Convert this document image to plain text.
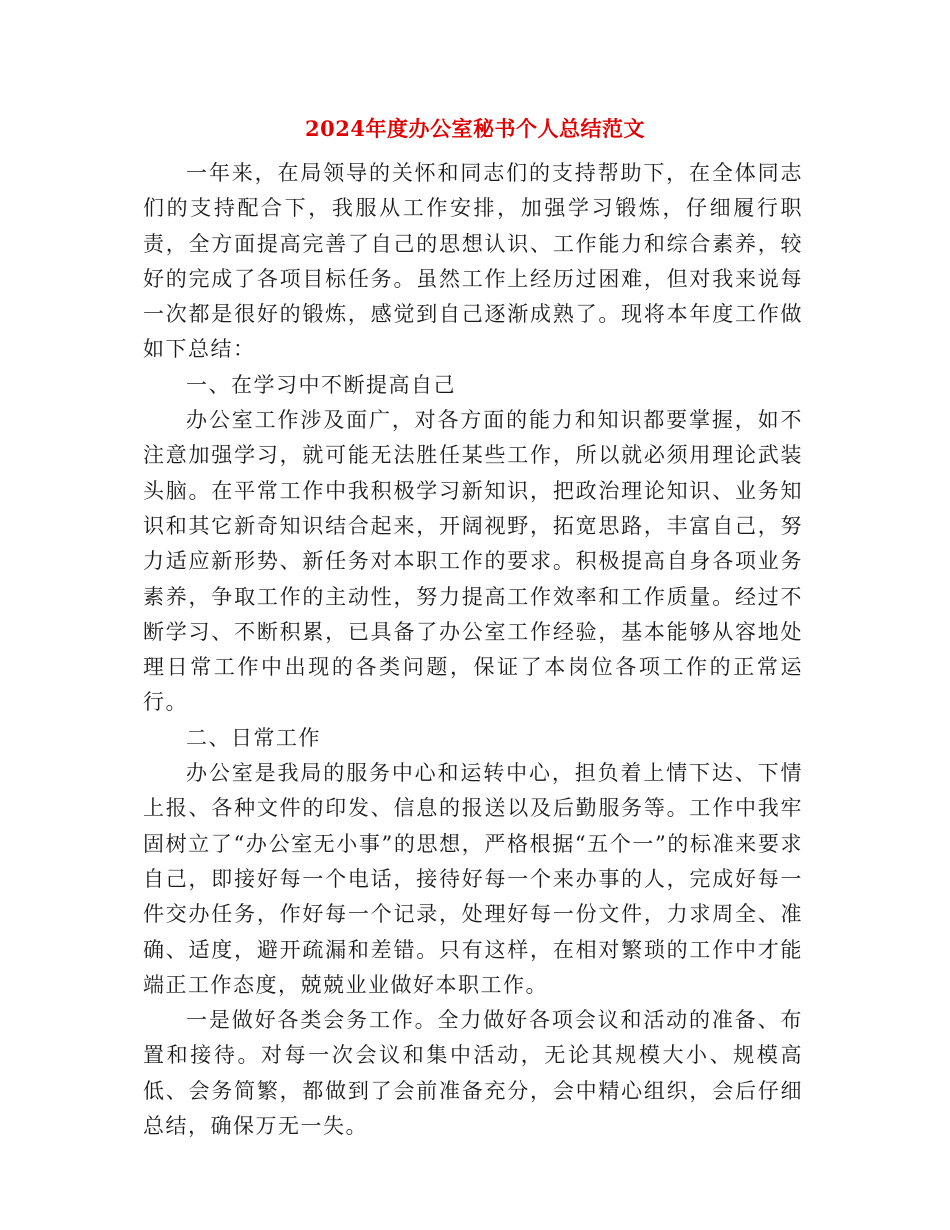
2024年度办公室秘书个人总结范文

一年来，在局领导的关怀和同志们的支持帮助下，在全体同志们的支持配合下，我服从工作安排，加强学习锻炼，仔细履行职责，全方面提高完善了自己的思想认识、工作能力和综合素养，较好的完成了各项目标任务。虽然工作上经历过困难，但对我来说每一次都是很好的锻炼，感觉到自己逐渐成熟了。现将本年度工作做如下总结：

一、在学习中不断提高自己

办公室工作涉及面广，对各方面的能力和知识都要掌握，如不注意加强学习，就可能无法胜任某些工作，所以就必须用理论武装头脑。在平常工作中我积极学习新知识，把政治理论知识、业务知识和其它新奇知识结合起来，开阔视野，拓宽思路，丰富自己，努力适应新形势、新任务对本职工作的要求。积极提高自身各项业务素养，争取工作的主动性，努力提高工作效率和工作质量。经过不断学习、不断积累，已具备了办公室工作经验，基本能够从容地处理日常工作中出现的各类问题，保证了本岗位各项工作的正常运行。

二、日常工作

办公室是我局的服务中心和运转中心，担负着上情下达、下情上报、各种文件的印发、信息的报送以及后勤服务等。工作中我牢固树立了“办公室无小事”的思想，严格根据“五个一”的标准来要求自己，即接好每一个电话，接待好每一个来办事的人，完成好每一件交办任务，作好每一个记录，处理好每一份文件，力求周全、准确、适度，避开疏漏和差错。只有这样，在相对繁琐的工作中才能端正工作态度，兢兢业业做好本职工作。

一是做好各类会务工作。全力做好各项会议和活动的准备、布置和接待。对每一次会议和集中活动，无论其规模大小、规模高低、会务简繁，都做到了会前准备充分，会中精心组织，会后仔细总结，确保万无一失。
